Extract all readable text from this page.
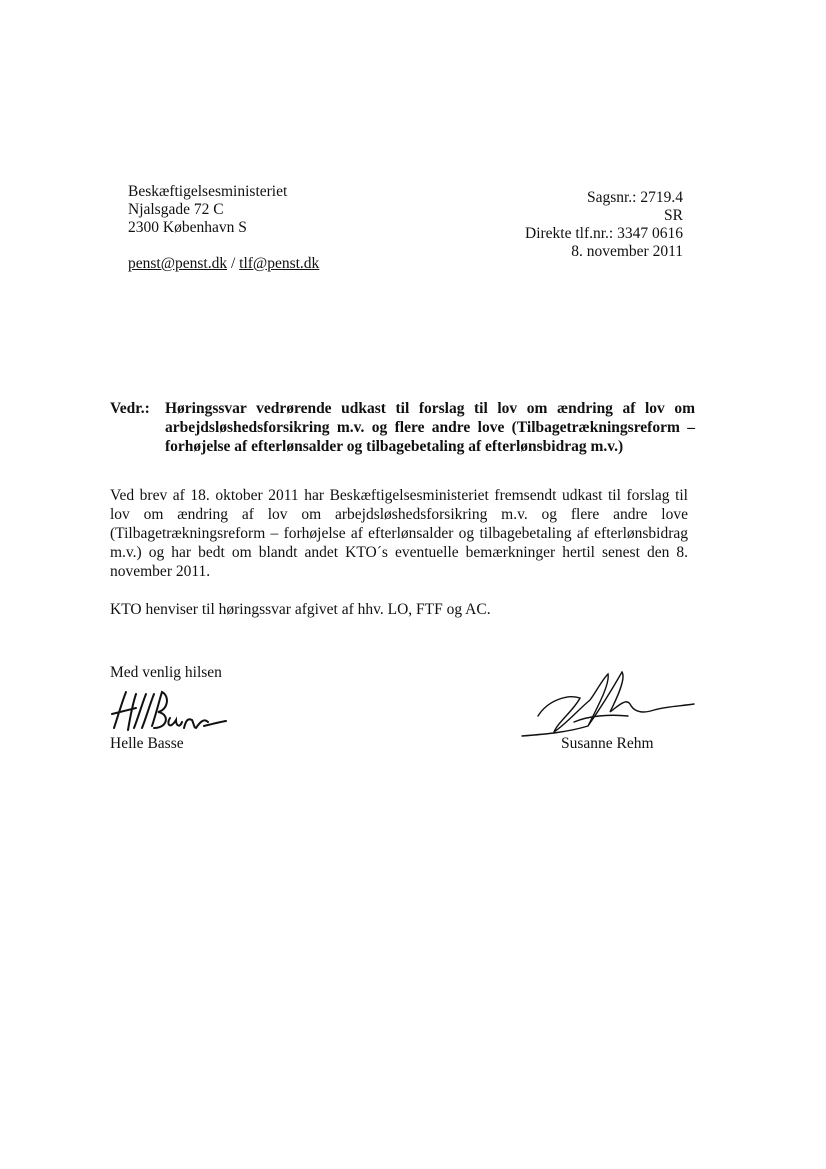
Beskæftigelsesministeriet
Njalsgade 72 C
2300 København S
penst@penst.dk / tlf@penst.dk
Sagsnr.: 2719.4
SR
Direkte tlf.nr.: 3347 0616
8. november 2011
Vedr.: Høringssvar vedrørende udkast til forslag til lov om ændring af lov om arbejdsløshedsforsikring m.v. og flere andre love (Tilbagetrækningsreform – forhøjelse af efterlønsalder og tilbagebetaling af efterlønsbidrag m.v.)

Ved brev af 18. oktober 2011 har Beskæftigelsesministeriet fremsendt udkast til forslag til lov om ændring af lov om arbejdsløshedsforsikring m.v. og flere andre love (Tilbagetrækningsreform – forhøjelse af efterlønsalder og tilbagebetaling af efterlønsbidrag m.v.) og har bedt om blandt andet KTO´s eventuelle bemærkninger hertil senest den 8. november 2011.

KTO henviser til høringssvar afgivet af hhv. LO, FTF og AC.

Med venlig hilsen
Helle Basse	Susanne Rehm
